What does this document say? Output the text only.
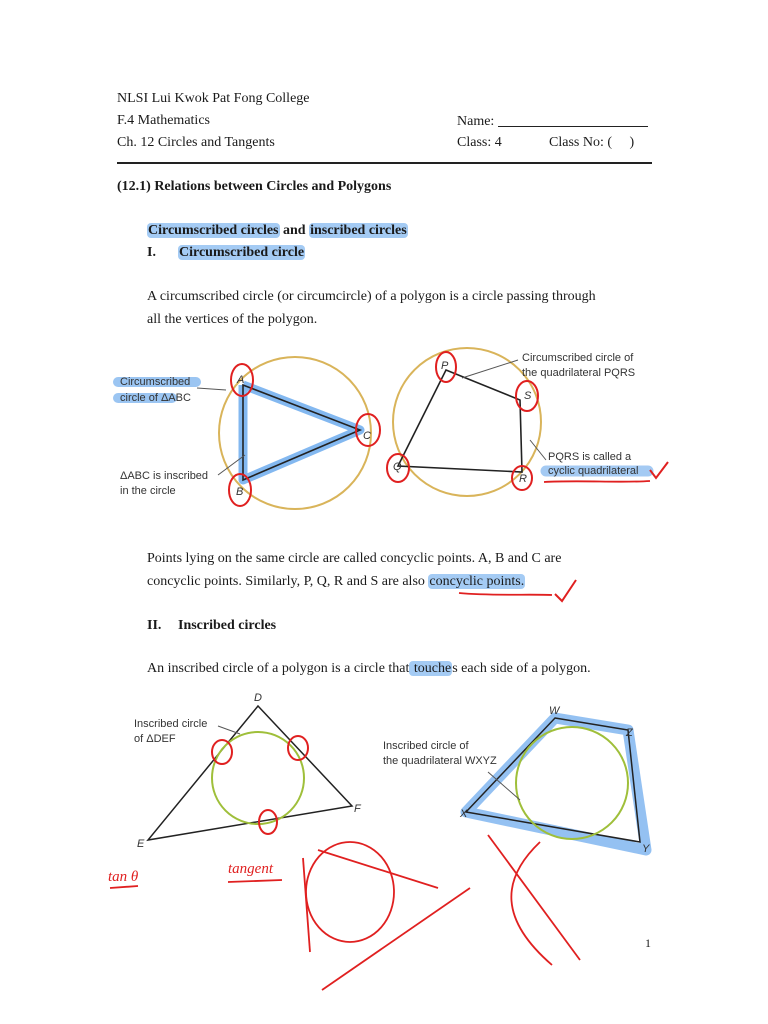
NLSI Lui Kwok Pat Fong College
F.4 Mathematics
Ch. 12 Circles and Tangents
Name:
Class: 4	Class No: (     )
(12.1) Relations between Circles and Polygons
Circumscribed circles and inscribed circles
I. Circumscribed circle
A circumscribed circle (or circumcircle) of a polygon is a circle passing through
all the vertices of the polygon.
Circumscribed
circle of ΔABC
ΔABC is inscribed
in the circle
A
B
C
Circumscribed circle of
the quadrilateral PQRS
PQRS is called a
cyclic quadrilateral
P
S
Q
R
Points lying on the same circle are called concyclic points. A, B and C are
concyclic points. Similarly, P, Q, R and S are also concyclic points.
II. Inscribed circles
An inscribed circle of a polygon is a circle that touches each side of a polygon.
Inscribed circle
of ΔDEF
D
E
F
Inscribed circle of
the quadrilateral WXYZ
W
Z
X
Y
tan θ	tangent
1
